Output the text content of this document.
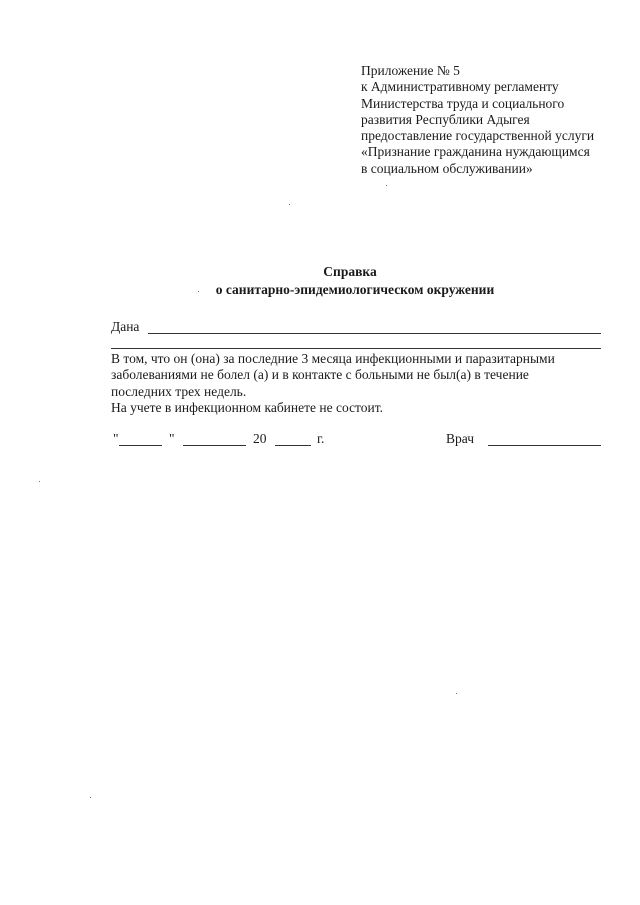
Приложение № 5
к Административному регламенту
Министерства труда и социального
развития Республики Адыгея
предоставление государственной услуги
«Признание гражданина нуждающимся
в социальном обслуживании»
Справка
о санитарно-эпидемиологическом окружении
Дана
В том, что он (она) за последние 3 месяца инфекционными и паразитарными
заболеваниями не болел (а) и в контакте с больными не был(а) в течение
последних трех недель.
На учете в инфекционном кабинете не состоит.
"	"	20	г.	Врач
